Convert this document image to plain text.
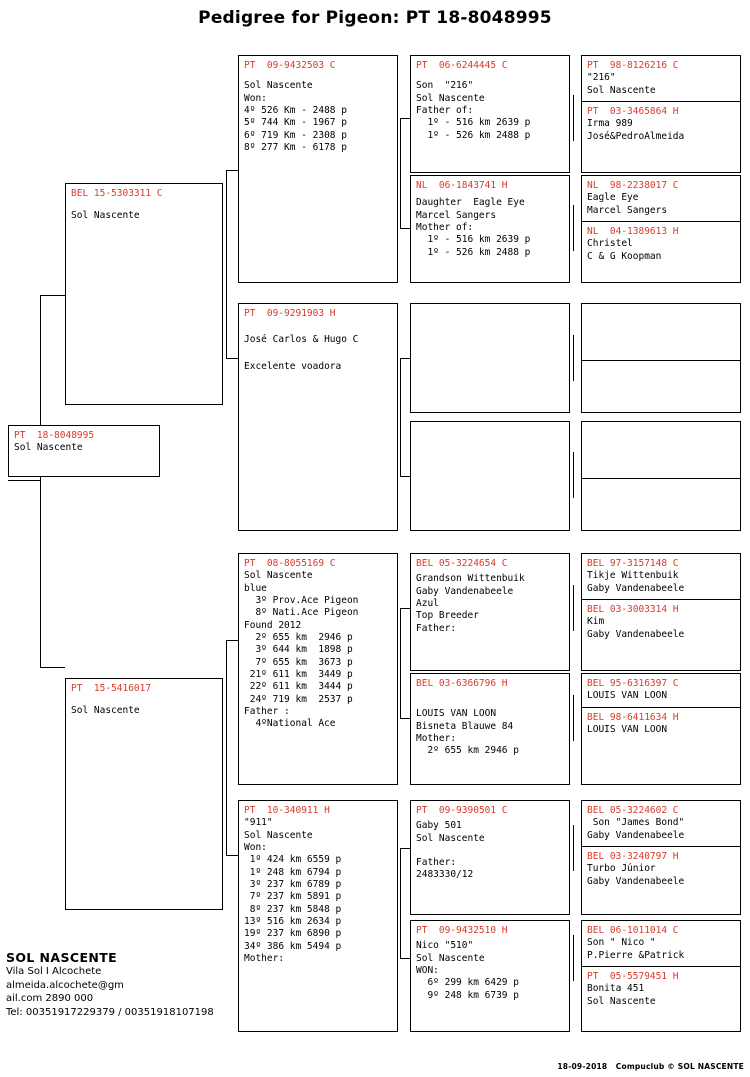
Pedigree for Pigeon: PT 18-8048995
PT  18-8048995
Sol Nascente
BEL 15-5303311 C
Sol Nascente
PT  15-5416017
Sol Nascente
PT  09-9432503 C
Sol Nascente
Won:
4º 526 Km - 2488 p
5º 744 Km - 1967 p
6º 719 Km - 2308 p
8º 277 Km - 6178 p
PT  09-9291903 H
José Carlos & Hugo C
Excelente voadora
PT  08-8055169 C
Sol Nascente
blue
3º Prov.Ace Pigeon
8º Nati.Ace Pigeon
Found 2012
2º 655 km  2946 p
3º 644 km  1898 p
7º 655 km  3673 p
21º 611 km  3449 p
22º 611 km  3444 p
24º 719 km  2537 p
Father :
4ºNational Ace
PT  10-340911 H
"911"
Sol Nascente
Won:
1º 424 km 6559 p
1º 248 km 6794 p
3º 237 km 6789 p
7º 237 km 5891 p
8º 237 km 5848 p
13º 516 km 2634 p
19º 237 km 6890 p
34º 386 km 5494 p
Mother:
PT  06-6244445 C
Son  "216"
Sol Nascente
Father of:
1º - 516 km 2639 p
1º - 526 km 2488 p
NL  06-1843741 H
Daughter  Eagle Eye
Marcel Sangers
Mother of:
1º - 516 km 2639 p
1º - 526 km 2488 p
BEL 05-3224654 C
Grandson Wittenbuik
Gaby Vandenabeele
Azul
Top Breeder
Father:
BEL 03-6366796 H
LOUIS VAN LOON
Bisneta Blauwe 84
Mother:
2º 655 km 2946 p
PT  09-9390501 C
Gaby 501
Sol Nascente
Father:
2483330/12
PT  09-9432510 H
Nico "510"
Sol Nascente
WON:
6º 299 km 6429 p
9º 248 km 6739 p
PT  98-8126216 C
"216"
Sol Nascente
PT  03-3465864 H
Irma 989
José&PedroAlmeida
NL  98-2238017 C
Eagle Eye
Marcel Sangers
NL  04-1389613 H
Christel
C & G Koopman
BEL 97-3157148 C
Tikje Wittenbuik
Gaby Vandenabeele
BEL 03-3003314 H
Kim
Gaby Vandenabeele
BEL 95-6316397 C
LOUIS VAN LOON
BEL 98-6411634 H
LOUIS VAN LOON
BEL 05-3224602 C
Son "James Bond"
Gaby Vandenabeele
BEL 03-3240797 H
Turbo Júnior
Gaby Vandenabeele
BEL 06-1011014 C
Son " Nico "
P.Pierre &Patrick
PT  05-5579451 H
Bonita 451
Sol Nascente
SOL NASCENTE
Vila Sol I Alcochete
almeida.alcochete@gm
ail.com 2890 000
Tel: 00351917229379 / 00351918107198
18-09-2018   Compuclub © SOL NASCENTE
